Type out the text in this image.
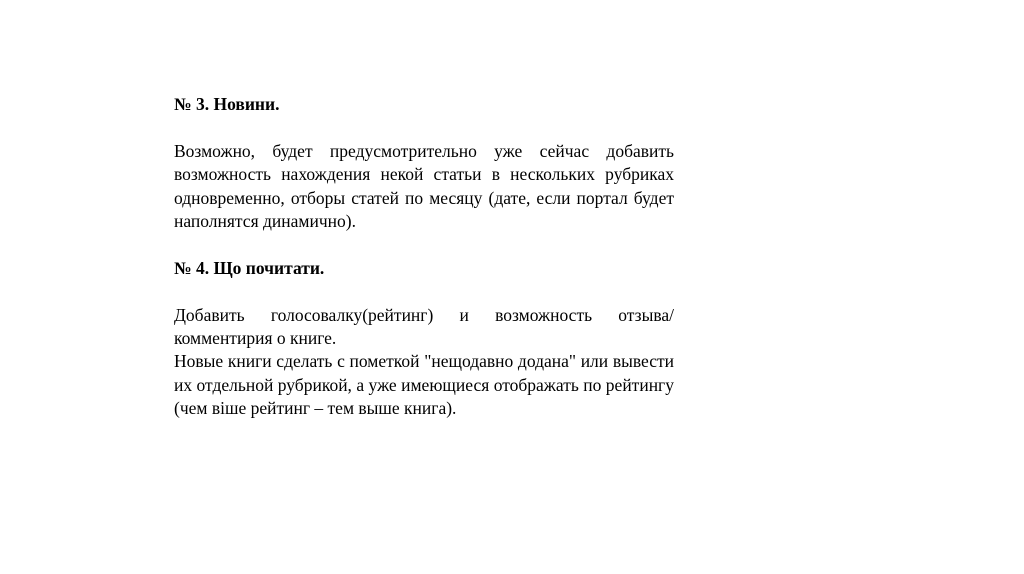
№ 3. Новини.

Возможно, будет предусмотрительно уже сейчас добавить возможность нахождения некой статьи в нескольких рубриках одновременно, отборы статей по месяцу (дате, если портал будет наполнятся динамично).

№ 4. Що почитати.

Добавить голосовалку(рейтинг) и возможность отзыва/комментирия о книге.

Новые книги сделать с пометкой "нещодавно додана" или вывести их отдельной рубрикой, а уже имеющиеся отображать по рейтингу (чем віше рейтинг – тем выше книга).
